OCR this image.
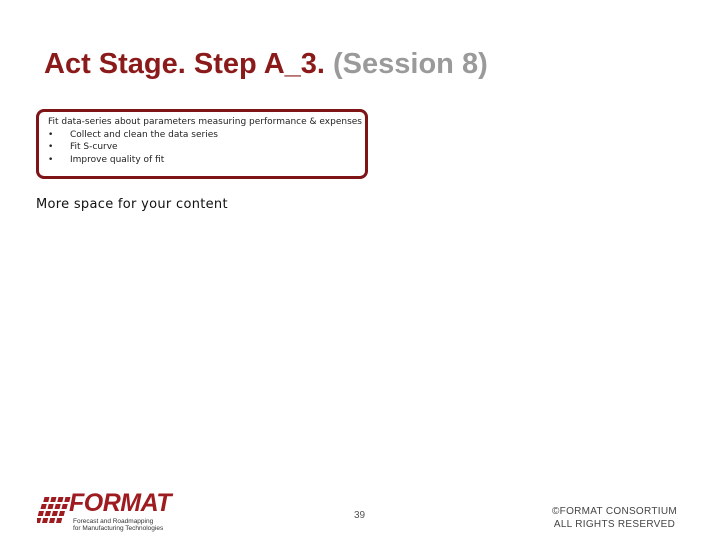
Act Stage. Step A_3. (Session 8)

Fit data-series about parameters measuring performance & expenses

• Collect and clean the data series
• Fit S-curve
• Improve quality of fit

More space for your content

FORMAT
Forecast and Roadmapping
for Manufacturing Technologies
39	©FORMAT CONSORTIUM
ALL RIGHTS RESERVED
